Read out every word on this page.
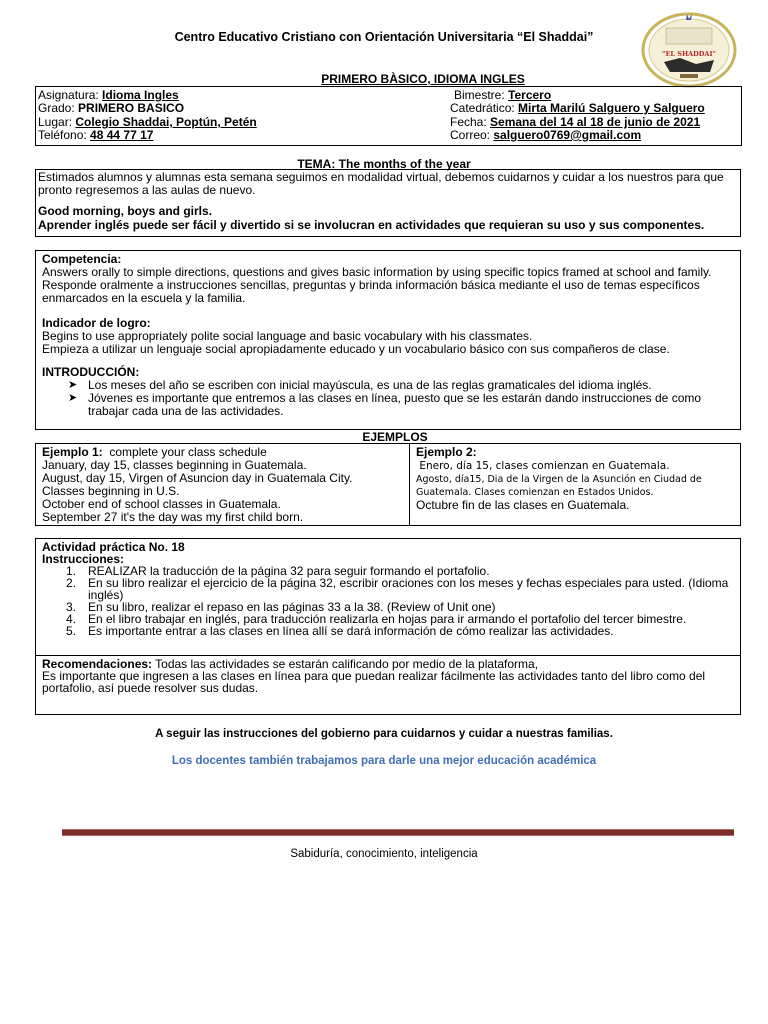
Centro Educativo Cristiano con Orientación Universitaria “El Shaddai”
"EL SHADDAI"
PRIMERO BÀSICO, IDIOMA INGLES
Asignatura: Idioma Ingles	Bimestre: Tercero
Grado: PRIMERO BASICO	Catedrático: Mirta Marilú Salguero y Salguero
Lugar: Colegio Shaddai, Poptún, Petén	Fecha: Semana del 14 al 18 de junio de 2021
Teléfono: 48 44 77 17	Correo: salguero0769@gmail.com
TEMA: The months of the year

Estimados alumnos y alumnas esta semana seguimos en modalidad virtual, debemos cuidarnos y cuidar a los nuestros para que pronto regresemos a las aulas de nuevo.

Good morning, boys and girls.

Aprender inglés puede ser fácil y divertido si se involucran en actividades que requieran su uso y sus componentes.

Competencia:

Answers orally to simple directions, questions and gives basic information by using specific topics framed at school and family.

Responde oralmente a instrucciones sencillas, preguntas y brinda información básica mediante el uso de temas específicos enmarcados en la escuela y la familia.

Indicador de logro:

Begins to use appropriately polite social language and basic vocabulary with his classmates.

Empieza a utilizar un lenguaje social apropiadamente educado y un vocabulario básico con sus compañeros de clase.

INTRODUCCIÓN:

➤ Los meses del año se escriben con inicial mayúscula, es una de las reglas gramaticales del idioma inglés.
➤ Jóvenes es importante que entremos a las clases en línea, puesto que se les estarán dando instrucciones de como trabajar cada una de las actividades.
EJEMPLOS
Ejemplo 1:  complete your class schedule
January, day 15, classes beginning in Guatemala.
August, day 15, Virgen of Asuncion day in Guatemala City.
Classes beginning in U.S.
October end of school classes in Guatemala.
September 27 it's the day was my first child born.
Ejemplo 2:
Enero, día 15, clases comienzan en Guatemala.
Agosto, día15, Dia de la Virgen de la Asunción en Ciudad de Guatemala. Clases comienzan en Estados Unidos.
Octubre fin de las clases en Guatemala.

Actividad práctica No. 18

Instrucciones:

1. REALIZAR la traducción de la página 32 para seguir formando el portafolio.
2. En su libro realizar el ejercicio de la página 32, escribir oraciones con los meses y fechas especiales para usted. (Idioma inglés)
3. En su libro, realizar el repaso en las páginas 33 a la 38. (Review of Unit one)
4. En el libro trabajar en inglés, para traducción realizarla en hojas para ir armando el portafolio del tercer bimestre.
5. Es importante entrar a las clases en línea allí se dará información de cómo realizar las actividades.
Recomendaciones: Todas las actividades se estarán calificando por medio de la plataforma,
Es importante que ingresen a las clases en línea para que puedan realizar fácilmente las actividades tanto del libro como del portafolio, así puede resolver sus dudas.
A seguir las instrucciones del gobierno para cuidarnos y cuidar a nuestras familias.
Los docentes también trabajamos para darle una mejor educación académica
Sabiduría, conocimiento, inteligencia
